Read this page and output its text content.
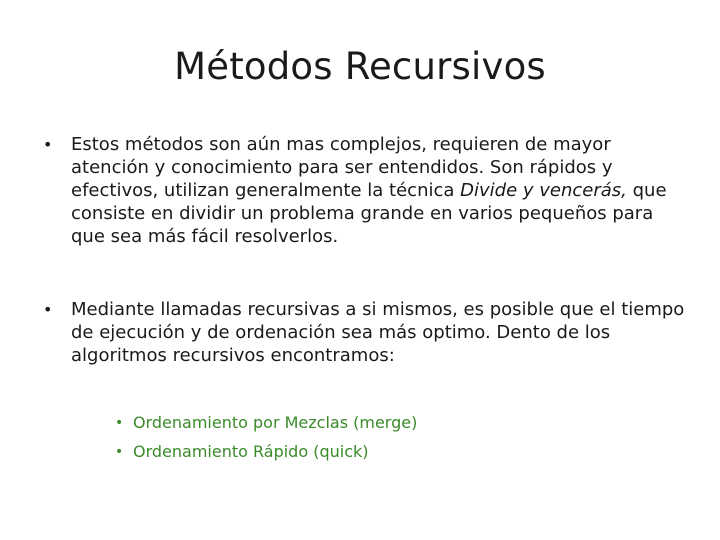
Métodos Recursivos
• Estos métodos son aún mas complejos, requieren de mayor atención y conocimiento para ser entendidos. Son rápidos y efectivos, utilizan generalmente la técnica Divide y vencerás, que consiste en dividir un problema grande en varios pequeños para que sea más fácil resolverlos.
• Mediante llamadas recursivas a si mismos, es posible que el tiempo de ejecución y de ordenación sea más optimo. Dento de los algoritmos recursivos encontramos:
• Ordenamiento por Mezclas (merge)
• Ordenamiento Rápido (quick)
